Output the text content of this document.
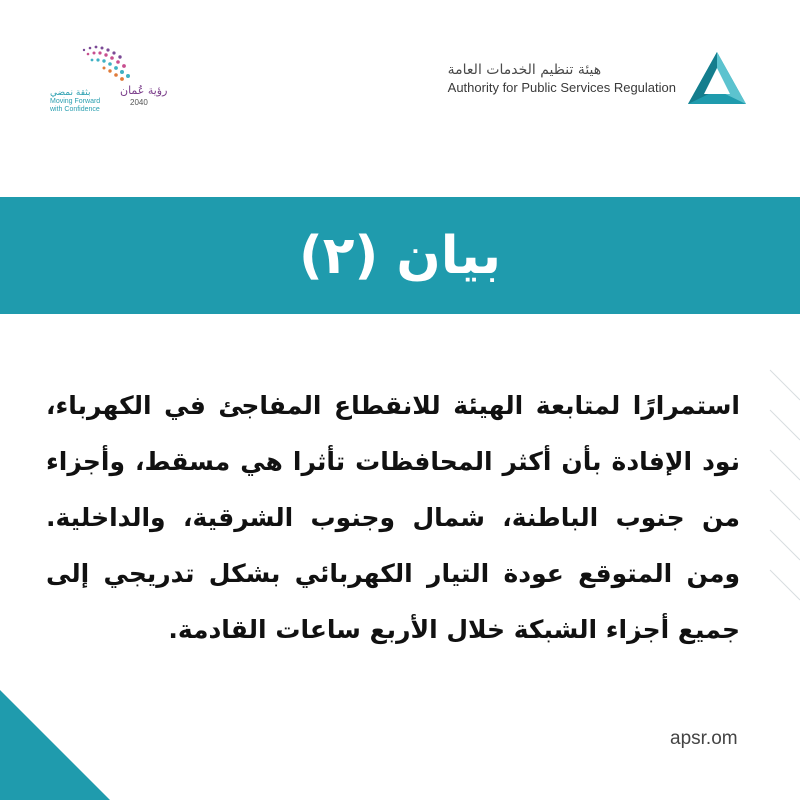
هيئة تنظيم الخدمات العامة
Authority for Public Services Regulation
رؤية عُمان
2040
بثقة نمضي
Moving Forward
with Confidence
بيان (٢)
استمرارًا لمتابعة الهيئة للانقطاع المفاجئ في الكهرباء، نود الإفادة بأن أكثر المحافظات تأثرا هي مسقط، وأجزاء من جنوب الباطنة، شمال وجنوب الشرقية، والداخلية. ومن المتوقع عودة التيار الكهربائي بشكل تدريجي إلى جميع أجزاء الشبكة خلال الأربع ساعات القادمة.
apsr.om
